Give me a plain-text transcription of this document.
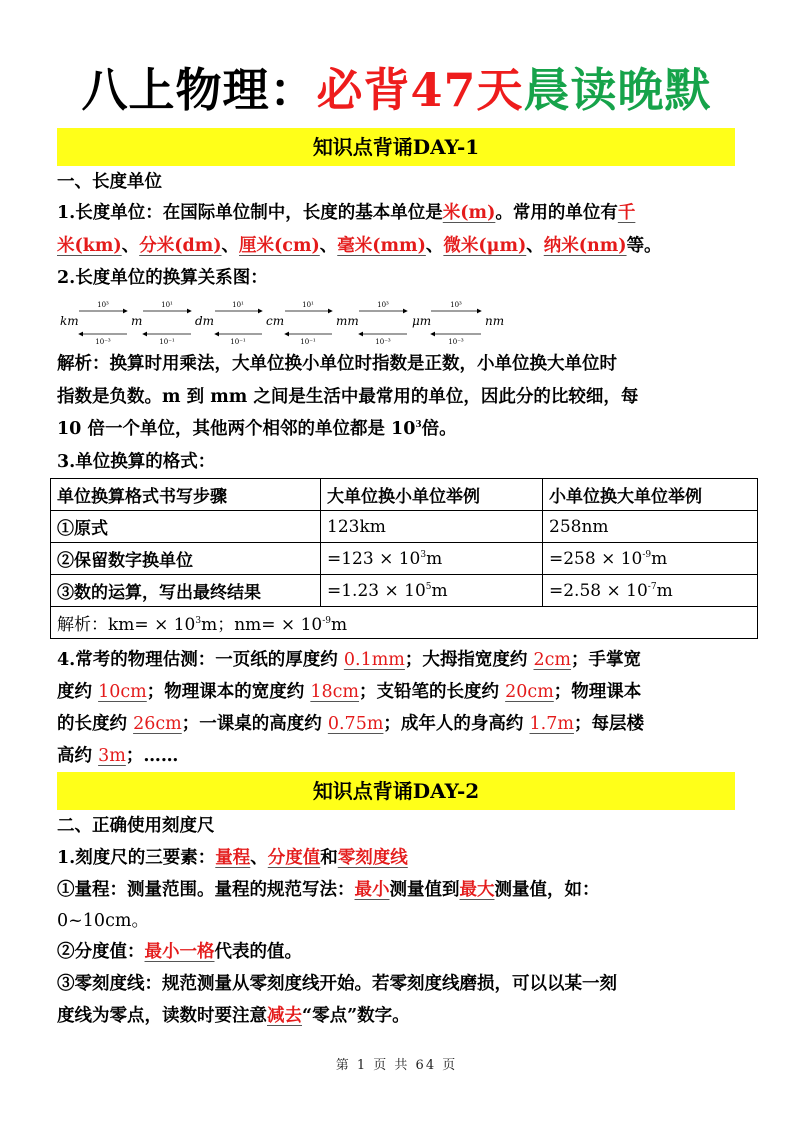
八上物理：必背47天晨读晚默
知识点背诵DAY-1
一、长度单位
1.长度单位：在国际单位制中，长度的基本单位是米(m)。常用的单位有千
米(km)、分米(dm)、厘米(cm)、毫米(mm)、微米(μm)、纳米(nm)等。
2.长度单位的换算关系图：
km	m	dm	cm	mm	μm	nm
10³	10¹	10¹	10¹	10³	10³
10⁻³	10⁻¹	10⁻¹	10⁻¹	10⁻³	10⁻³
解析：换算时用乘法，大单位换小单位时指数是正数，小单位换大单位时
指数是负数。m 到 mm 之间是生活中最常用的单位，因此分的比较细，每
10 倍一个单位，其他两个相邻的单位都是 $10^3$倍。
3.单位换算的格式：
单位换算格式书写步骤	大单位换小单位举例	小单位换大单位举例
①原式	123km	258nm
②保留数字换单位	$=123 \times 10^3m$	$=258 \times 10^{-9}m$
③数的运算，写出最终结果	$=1.23 \times 10^5m$	$=2.58 \times 10^{-7}m$
解析：$km= \times 10^3m$；$nm= \times 10^{-9}m$		
4.常考的物理估测：一页纸的厚度约 0.1mm；大拇指宽度约 2cm；手掌宽
度约 10cm；物理课本的宽度约 18cm；支铅笔的长度约 20cm；物理课本
的长度约 26cm；一课桌的高度约 0.75m；成年人的身高约 1.7m；每层楼
高约 3m；……
知识点背诵DAY-2
二、正确使用刻度尺
1.刻度尺的三要素：量程、分度值和零刻度线
①量程：测量范围。量程的规范写法：最小测量值到最大测量值，如：
0~10cm。
②分度值：最小一格代表的值。
③零刻度线：规范测量从零刻度线开始。若零刻度线磨损，可以以某一刻
度线为零点，读数时要注意减去“零点”数字。
第 1 页 共 64 页
